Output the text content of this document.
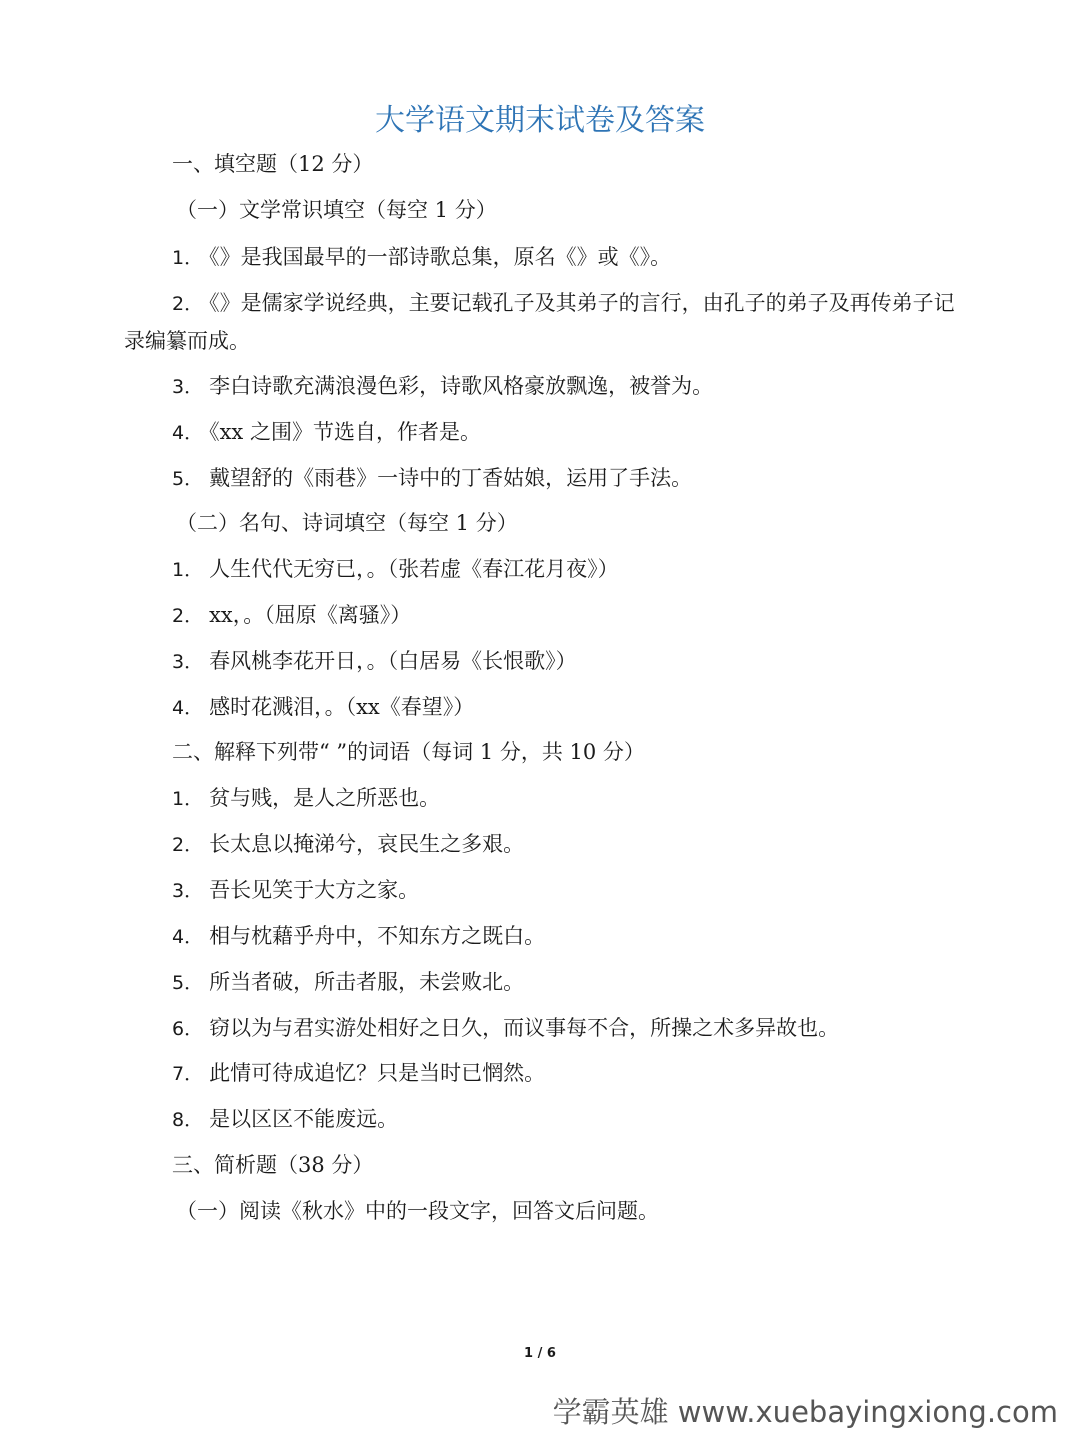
大学语文期末试卷及答案
一、填空题（12 分）
（一）文学常识填空（每空 1 分）
1． 《》是我国最早的一部诗歌总集，原名《》或《》。
2． 《》是儒家学说经典，主要记载孔子及其弟子的言行，由孔子的弟子及再传弟子记录编纂而成。
3． 李白诗歌充满浪漫色彩，诗歌风格豪放飘逸，被誉为。
4． 《xx 之围》节选自，作者是。
5． 戴望舒的《雨巷》一诗中的丁香姑娘，运用了手法。
（二）名句、诗词填空（每空 1 分）
1． 人生代代无穷已，。（张若虚《春江花月夜》）
2． xx，。（屈原《离骚》）
3． 春风桃李花开日，。（白居易《长恨歌》）
4． 感时花溅泪，。（xx《春望》）
二、解释下列带“ ”的词语（每词 1 分，共 10 分）
1． 贫与贱，是人之所恶也。
2． 长太息以掩涕兮，哀民生之多艰。
3． 吾长见笑于大方之家。
4． 相与枕藉乎舟中，不知东方之既白。
5． 所当者破，所击者服，未尝败北。
6． 窃以为与君实游处相好之日久，而议事每不合，所操之术多异故也。
7． 此情可待成追忆？只是当时已惘然。
8． 是以区区不能废远。
三、简析题（38 分）
（一）阅读《秋水》中的一段文字，回答文后问题。
1 / 6
学霸英雄 www.xuebayingxiong.com
